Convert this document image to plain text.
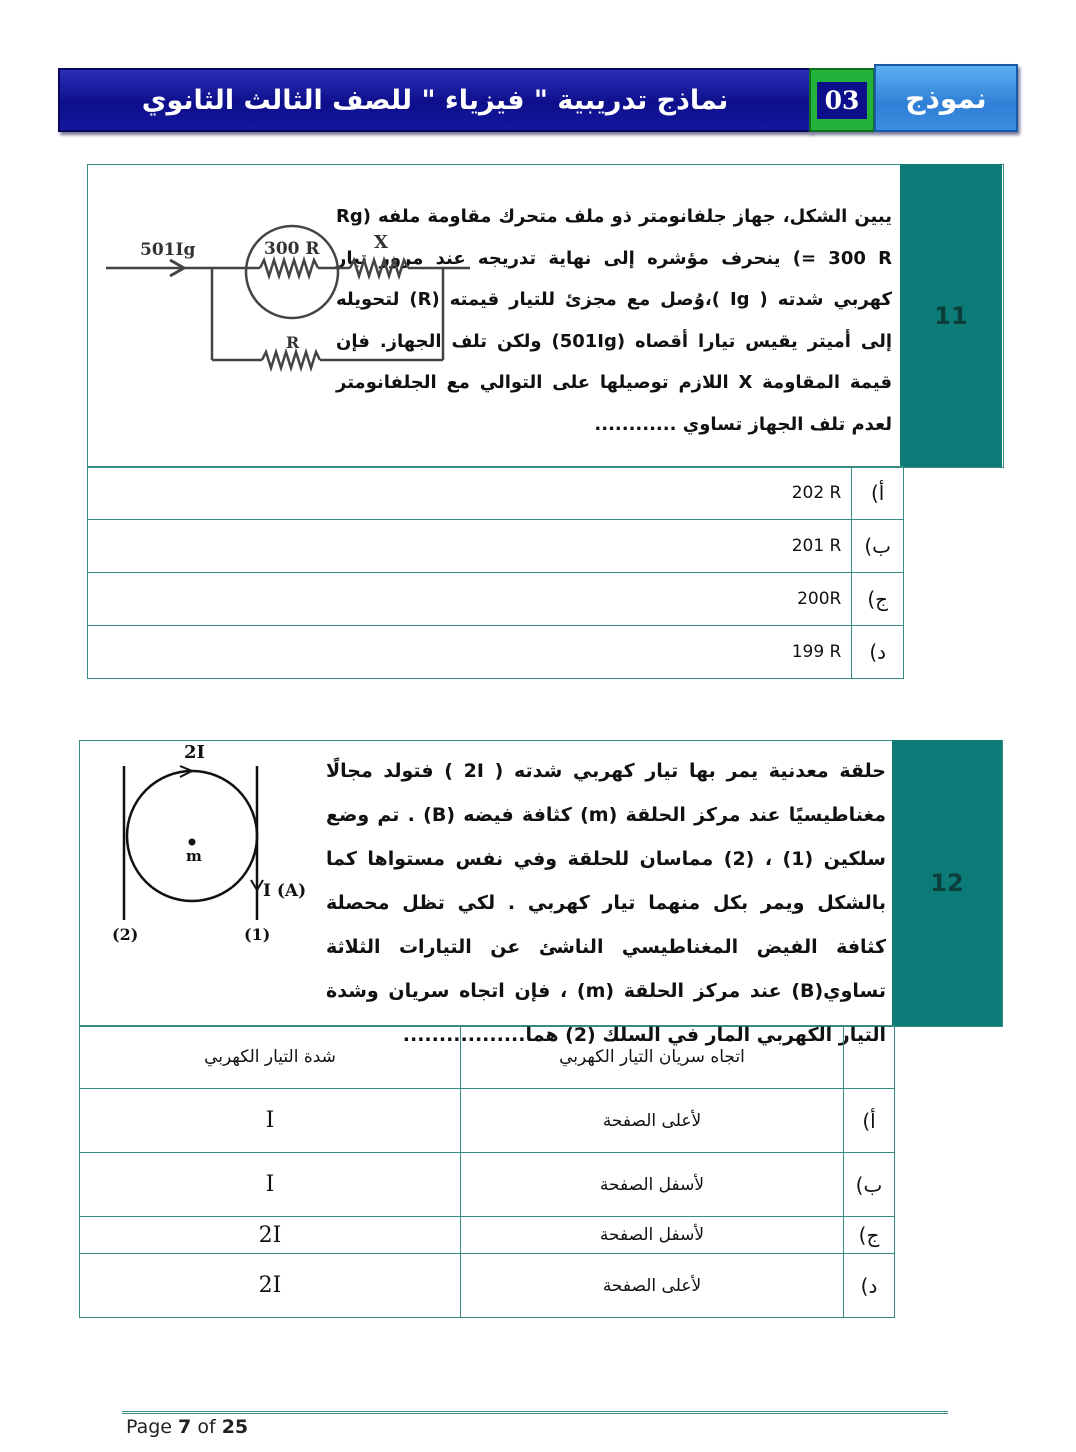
نماذج تدريبية " فيزياء " للصف الثالث الثانوي	03 نموذج
11
يبين الشكل، جهاز جلفانومتر ذو ملف متحرك مقاومة ملفه (Rg = 300 R) ينحرف مؤشره إلى نهاية تدريجه عند مرور تيار كهربي شدته ( Ig )،وُصل مع مجزئ للتيار قيمته (R) لتحويله إلى أميتر يقيس تيارا أقصاه (501Ig) ولكن تلف الجهاز. فإن قيمة المقاومة X اللازم توصيلها على التوالي مع الجلفانومتر لعدم تلف الجهاز تساوي ............
501Ig	300 R	X
R
202 R	أ)
201 R	ب)
200R	ج)
199 R	د)
12
حلقة معدنية يمر بها تيار كهربي شدته ( 2I ) فتولد مجالًا مغناطيسيًا عند مركز الحلقة (m) كثافة فيضه (B) . تم وضع سلكين (1) ، (2) مماسان للحلقة وفي نفس مستواها كما بالشكل ويمر بكل منهما تيار كهربي . لكي تظل محصلة كثافة الفيض المغناطيسي الناشئ عن التيارات الثلاثة تساوي(B) عند مركز الحلقة (m) ، فإن اتجاه سريان وشدة التيار الكهربي المار في السلك (2) هما.................
2I
m
I (A)
(1)
(2)
شدة التيار الكهربي	اتجاه سريان التيار الكهربي	
I	لأعلى الصفحة	أ)
I	لأسفل الصفحة	ب)
2I	لأسفل الصفحة	ج)
2I	لأعلى الصفحة	د)
Page 7 of 25
